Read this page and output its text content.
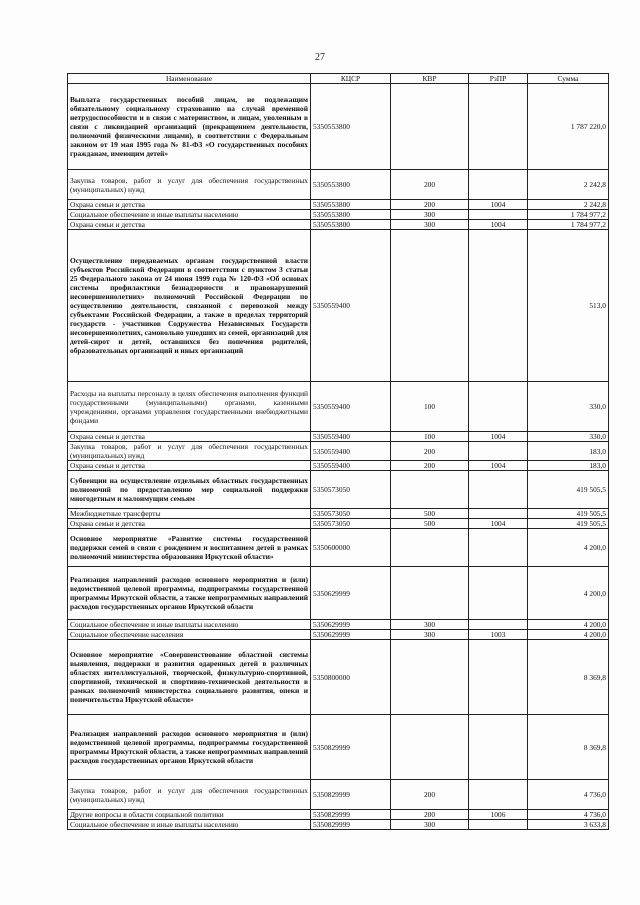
27
Наименование	КЦСР	КВР	РзПР	Сумма
Выплата государственных пособий лицам, не подлежащим обязательному социальному страхованию на случай временной нетрудоспособности и в связи с материнством, и лицам, уволенным в связи с ликвидацией организаций (прекращением деятельности, полномочий физическими лицами), в соответствии с Федеральным законом от 19 мая 1995 года № 81-ФЗ «О государственных пособиях гражданам, имеющим детей»	5350553800			1 787 220,0
Закупка товаров, работ и услуг для обеспечения государственных (муниципальных) нужд	5350553800	200		2 242,8
Охрана семьи и детства	5350553800	200	1004	2 242,8
Социальное обеспечение и иные выплаты населению	5350553800	300		1 784 977,2
Охрана семьи и детства	5350553800	300	1004	1 784 977,2
Осуществление передаваемых органам государственной власти субъектов Российской Федерации в соответствии с пунктом 3 статьи 25 Федерального закона от 24 июня 1999 года № 120-ФЗ «Об основах системы профилактики безнадзорности и правонарушений несовершеннолетних» полномочий Российской Федерации по осуществлению деятельности, связанной с перевозкой между субъектами Российской Федерации, а также в пределах территорий государств - участников Содружества Независимых Государств несовершеннолетних, самовольно ушедших из семей, организаций для детей-сирот и детей, оставшихся без попечения родителей, образовательных организаций и иных организаций	5350559400			513,0
Расходы на выплаты персоналу в целях обеспечения выполнения функций государственными (муниципальными) органами, казенными учреждениями, органами управления государственными внебюджетными фондами	5350559400	100		330,0
Охрана семьи и детства	5350559400	100	1004	330,0
Закупка товаров, работ и услуг для обеспечения государственных (муниципальных) нужд	5350559400	200		183,0
Охрана семьи и детства	5350559400	200	1004	183,0
Субвенции на осуществление отдельных областных государственных полномочий по предоставлению мер социальной поддержки многодетным и малоимущим семьям	5350573050			419 505,5
Межбюджетные трансферты	5350573050	500		419 505,5
Охрана семьи и детства	5350573050	500	1004	419 505,5
Основное мероприятие «Развитие системы государственной поддержки семей в связи с рождением и воспитанием детей в рамках полномочий министерства образования Иркутской области»	5350600000			4 200,0
Реализация направлений расходов основного мероприятия и (или) ведомственной целевой программы, подпрограммы государственной программы Иркутской области, а также непрограммных направлений расходов государственных органов Иркутской области	5350629999			4 200,0
Социальное обеспечение и иные выплаты населению	5350629999	300		4 200,0
Социальное обеспечение населения	5350629999	300	1003	4 200,0
Основное мероприятие «Совершенствование областной системы выявления, поддержки и развития одаренных детей в различных областях интеллектуальной, творческой, физкультурно-спортивной, спортивной, технической и спортивно-технической деятельности в рамках полномочий министерства социального развития, опеки и попечительства Иркутской области»	5350800000			8 369,8
Реализация направлений расходов основного мероприятия и (или) ведомственной целевой программы, подпрограммы государственной программы Иркутской области, а также непрограммных направлений расходов государственных органов Иркутской области	5350829999			8 369,8
Закупка товаров, работ и услуг для обеспечения государственных (муниципальных) нужд	5350829999	200		4 736,0
Другие вопросы в области социальной политики	5350829999	200	1006	4 736,0
Социальное обеспечение и иные выплаты населению	5350829999	300		3 633,8
